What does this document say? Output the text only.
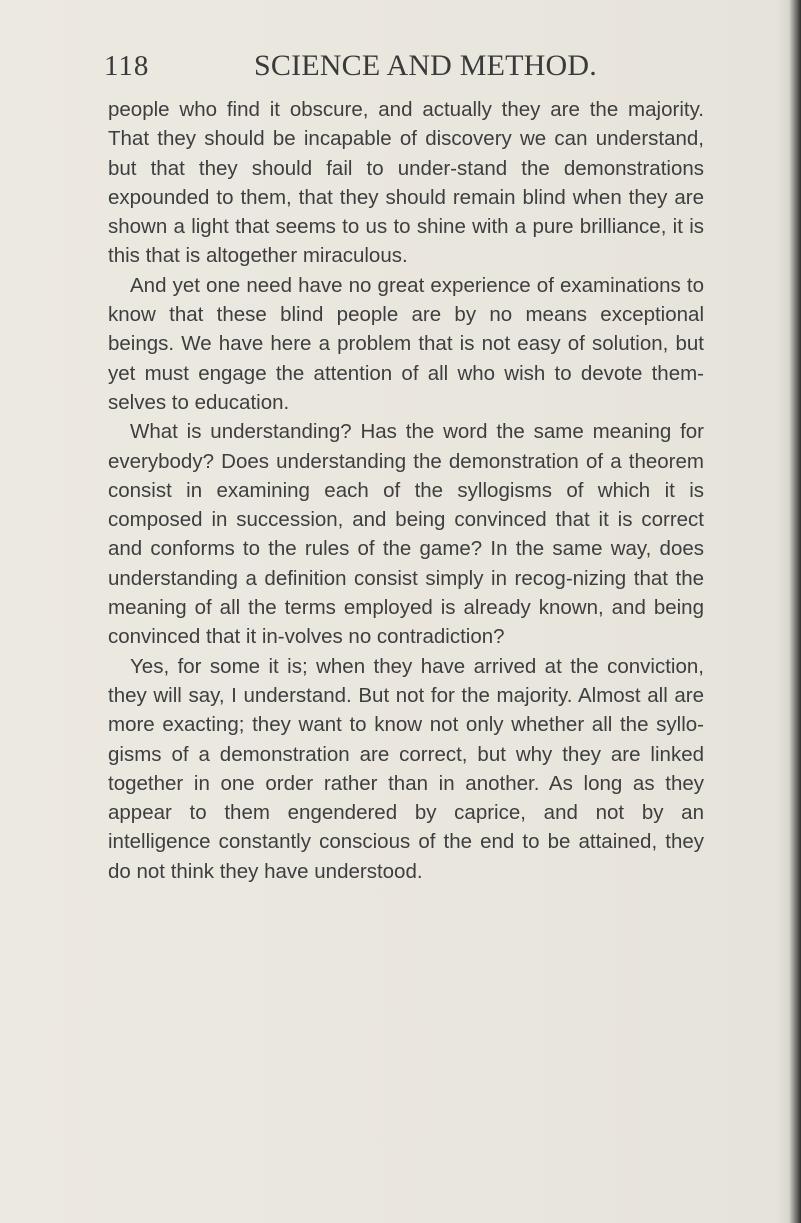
118	SCIENCE AND METHOD.

people who find it obscure, and actually they are the majority. That they should be incapable of discovery we can understand, but that they should fail to under-stand the demonstrations expounded to them, that they should remain blind when they are shown a light that seems to us to shine with a pure brilliance, it is this that is altogether miraculous.

And yet one need have no great experience of examinations to know that these blind people are by no means exceptional beings. We have here a problem that is not easy of solution, but yet must engage the attention of all who wish to devote them-selves to education.

What is understanding? Has the word the same meaning for everybody? Does understanding the demonstration of a theorem consist in examining each of the syllogisms of which it is composed in succession, and being convinced that it is correct and conforms to the rules of the game? In the same way, does understanding a definition consist simply in recog-nizing that the meaning of all the terms employed is already known, and being convinced that it in-volves no contradiction?

Yes, for some it is; when they have arrived at the conviction, they will say, I understand. But not for the majority. Almost all are more exacting; they want to know not only whether all the syllo-gisms of a demonstration are correct, but why they are linked together in one order rather than in another. As long as they appear to them engendered by caprice, and not by an intelligence constantly conscious of the end to be attained, they do not think they have understood.
